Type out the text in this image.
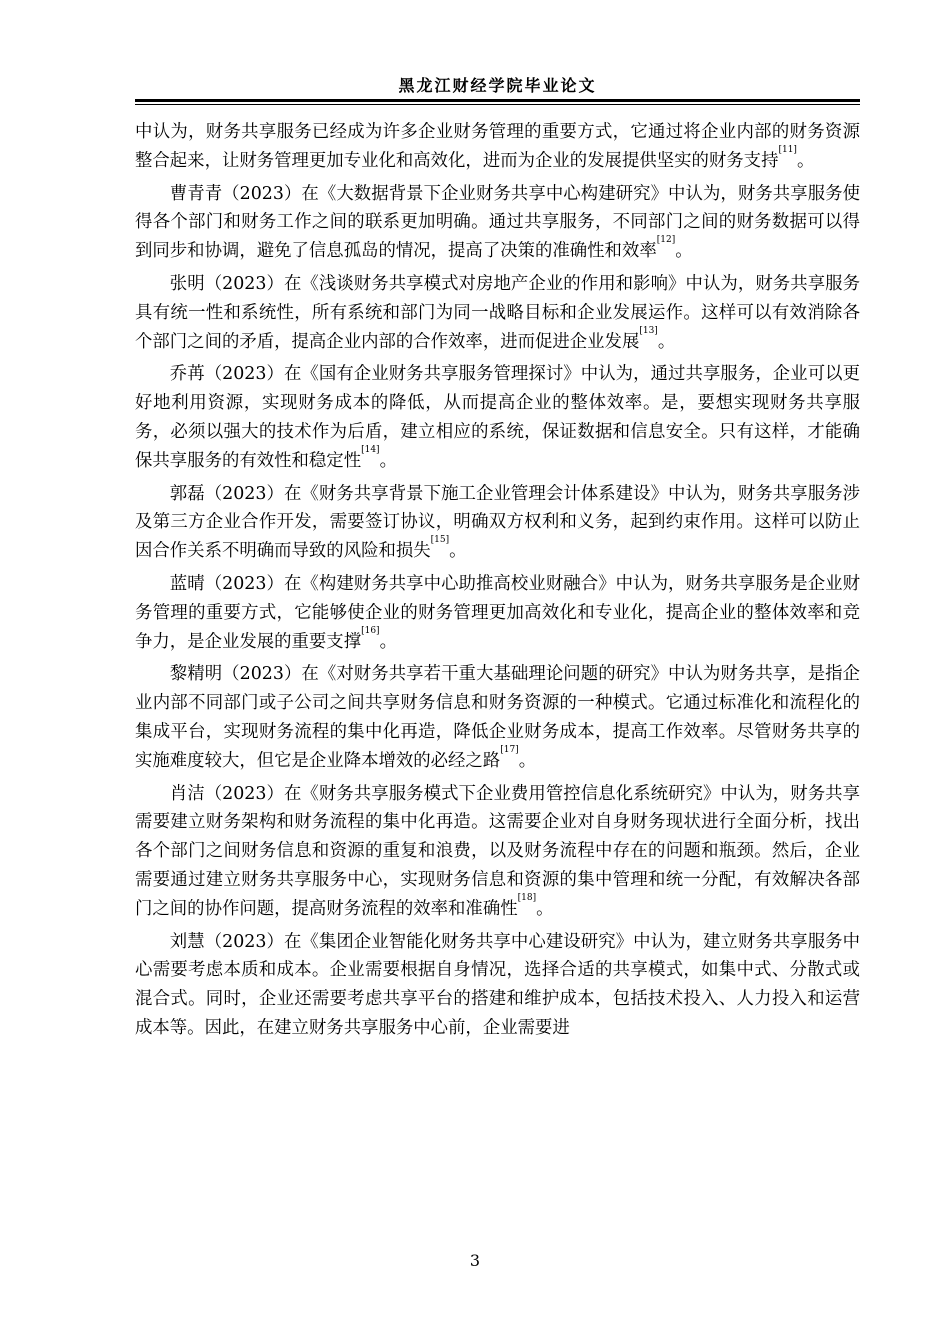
黑龙江财经学院毕业论文

中认为，财务共享服务已经成为许多企业财务管理的重要方式，它通过将企业内部的财务资源整合起来，让财务管理更加专业化和高效化，进而为企业的发展提供坚实的财务支持[11]。

曹青青（2023）在《大数据背景下企业财务共享中心构建研究》中认为，财务共享服务使得各个部门和财务工作之间的联系更加明确。通过共享服务，不同部门之间的财务数据可以得到同步和协调，避免了信息孤岛的情况，提高了决策的准确性和效率[12]。

张明（2023）在《浅谈财务共享模式对房地产企业的作用和影响》中认为，财务共享服务具有统一性和系统性，所有系统和部门为同一战略目标和企业发展运作。这样可以有效消除各个部门之间的矛盾，提高企业内部的合作效率，进而促进企业发展[13]。

乔苒（2023）在《国有企业财务共享服务管理探讨》中认为，通过共享服务，企业可以更好地利用资源，实现财务成本的降低，从而提高企业的整体效率。是，要想实现财务共享服务，必须以强大的技术作为后盾，建立相应的系统，保证数据和信息安全。只有这样，才能确保共享服务的有效性和稳定性[14]。

郭磊（2023）在《财务共享背景下施工企业管理会计体系建设》中认为，财务共享服务涉及第三方企业合作开发，需要签订协议，明确双方权利和义务，起到约束作用。这样可以防止因合作关系不明确而导致的风险和损失[15]。

蓝晴（2023）在《构建财务共享中心助推高校业财融合》中认为，财务共享服务是企业财务管理的重要方式，它能够使企业的财务管理更加高效化和专业化，提高企业的整体效率和竞争力，是企业发展的重要支撑[16]。

黎精明（2023）在《对财务共享若干重大基础理论问题的研究》中认为财务共享，是指企业内部不同部门或子公司之间共享财务信息和财务资源的一种模式。它通过标准化和流程化的集成平台，实现财务流程的集中化再造，降低企业财务成本，提高工作效率。尽管财务共享的实施难度较大，但它是企业降本增效的必经之路[17]。

肖洁（2023）在《财务共享服务模式下企业费用管控信息化系统研究》中认为，财务共享需要建立财务架构和财务流程的集中化再造。这需要企业对自身财务现状进行全面分析，找出各个部门之间财务信息和资源的重复和浪费，以及财务流程中存在的问题和瓶颈。然后，企业需要通过建立财务共享服务中心，实现财务信息和资源的集中管理和统一分配，有效解决各部门之间的协作问题，提高财务流程的效率和准确性[18]。

刘慧（2023）在《集团企业智能化财务共享中心建设研究》中认为，建立财务共享服务中心需要考虑本质和成本。企业需要根据自身情况，选择合适的共享模式，如集中式、分散式或混合式。同时，企业还需要考虑共享平台的搭建和维护成本，包括技术投入、人力投入和运营成本等。因此，在建立财务共享服务中心前，企业需要进

3
